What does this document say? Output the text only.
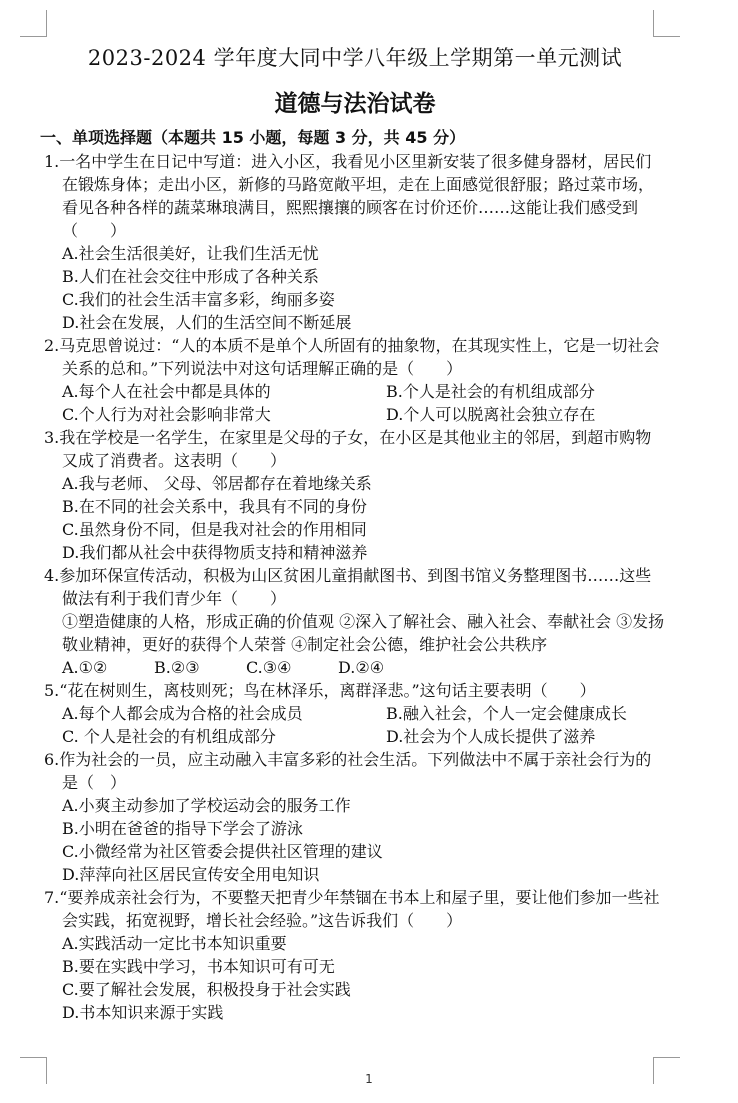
2023-2024 学年度大同中学八年级上学期第一单元测试
道德与法治试卷
一、单项选择题（本题共 15 小题，每题 3 分，共 45 分）
1.一名中学生在日记中写道：进入小区，我看见小区里新安装了很多健身器材，居民们在锻炼身体；走出小区，新修的马路宽敞平坦，走在上面感觉很舒服；路过菜市场，看见各种各样的蔬菜琳琅满目，熙熙攘攘的顾客在讨价还价……这能让我们感受到（　　）
A.社会生活很美好，让我们生活无忧
B.人们在社会交往中形成了各种关系
C.我们的社会生活丰富多彩，绚丽多姿
D.社会在发展，人们的生活空间不断延展
2.马克思曾说过：“人的本质不是单个人所固有的抽象物，在其现实性上，它是一切社会关系的总和。”下列说法中对这句话理解正确的是（　　）
A.每个人在社会中都是具体的	B.个人是社会的有机组成部分
C.个人行为对社会影响非常大	D.个人可以脱离社会独立存在
3.我在学校是一名学生，在家里是父母的子女，在小区是其他业主的邻居，到超市购物又成了消费者。这表明（　　）
A.我与老师、 父母、邻居都存在着地缘关系
B.在不同的社会关系中，我具有不同的身份
C.虽然身份不同，但是我对社会的作用相同
D.我们都从社会中获得物质支持和精神滋养
4.参加环保宣传活动，积极为山区贫困儿童捐献图书、到图书馆义务整理图书……这些做法有利于我们青少年（　　）
①塑造健康的人格，形成正确的价值观 ②深入了解社会、融入社会、奉献社会 ③发扬敬业精神，更好的获得个人荣誉 ④制定社会公德，维护社会公共秩序
A.①②	B.②③	C.③④	D.②④
5.“花在树则生，离枝则死；鸟在林泽乐，离群泽悲。”这句话主要表明（　　）
A.每个人都会成为合格的社会成员	B.融入社会，个人一定会健康成长
C. 个人是社会的有机组成部分	D.社会为个人成长提供了滋养
6.作为社会的一员，应主动融入丰富多彩的社会生活。下列做法中不属于亲社会行为的是（　）
A.小爽主动参加了学校运动会的服务工作
B.小明在爸爸的指导下学会了游泳
C.小微经常为社区管委会提供社区管理的建议
D.萍萍向社区居民宣传安全用电知识
7.“要养成亲社会行为，不要整天把青少年禁锢在书本上和屋子里，要让他们参加一些社会实践，拓宽视野，增长社会经验。”这告诉我们（　　）
A.实践活动一定比书本知识重要
B.要在实践中学习，书本知识可有可无
C.要了解社会发展，积极投身于社会实践
D.书本知识来源于实践
1
